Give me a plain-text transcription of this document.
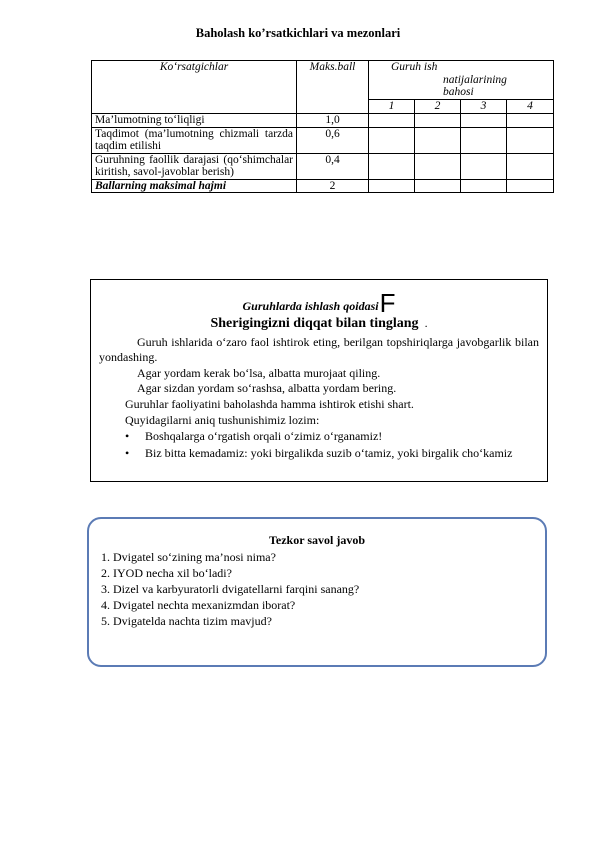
Baholash ko’rsatkichlari va mezonlari
Ko‘rsatgichlar	Maks.ball	Guruh ish
natijalarining
bahosi			

		1	2	3	4
Ma’lumotning to‘liqligi	1,0				
Taqdimot (ma’lumotning chizmali tarzda taqdim etilishi	0,6				
Guruhning faollik darajasi (qo‘shimchalar kiritish, savol-javoblar berish)	0,4				
Ballarning maksimal hajmi	2				
Guruhlarda ishlash qoidasiF
Sherigingizni diqqat bilan tinglang .
Guruh ishlarida o‘zaro faol ishtirok eting, berilgan topshiriqlarga javobgarlik bilan yondashing.
Agar yordam kerak bo‘lsa, albatta murojaat qiling.
Agar sizdan yordam so‘rashsa, albatta yordam bering.
Guruhlar faoliyatini baholashda hamma ishtirok etishi shart.
Quyidagilarni aniq tushunishimiz lozim:
• Boshqalarga o‘rgatish orqali o‘zimiz o‘rganamiz!
• Biz bitta kemadamiz: yoki birgalikda suzib o‘tamiz, yoki birgalik cho‘kamiz
Tezkor savol javob
1. Dvigatel so‘zining ma’nosi nima?
2. IYOD necha xil bo‘ladi?
3. Dizel va karbyuratorli dvigatellarni farqini sanang?
4. Dvigatel nechta mexanizmdan iborat?
5. Dvigatelda nachta tizim mavjud?
